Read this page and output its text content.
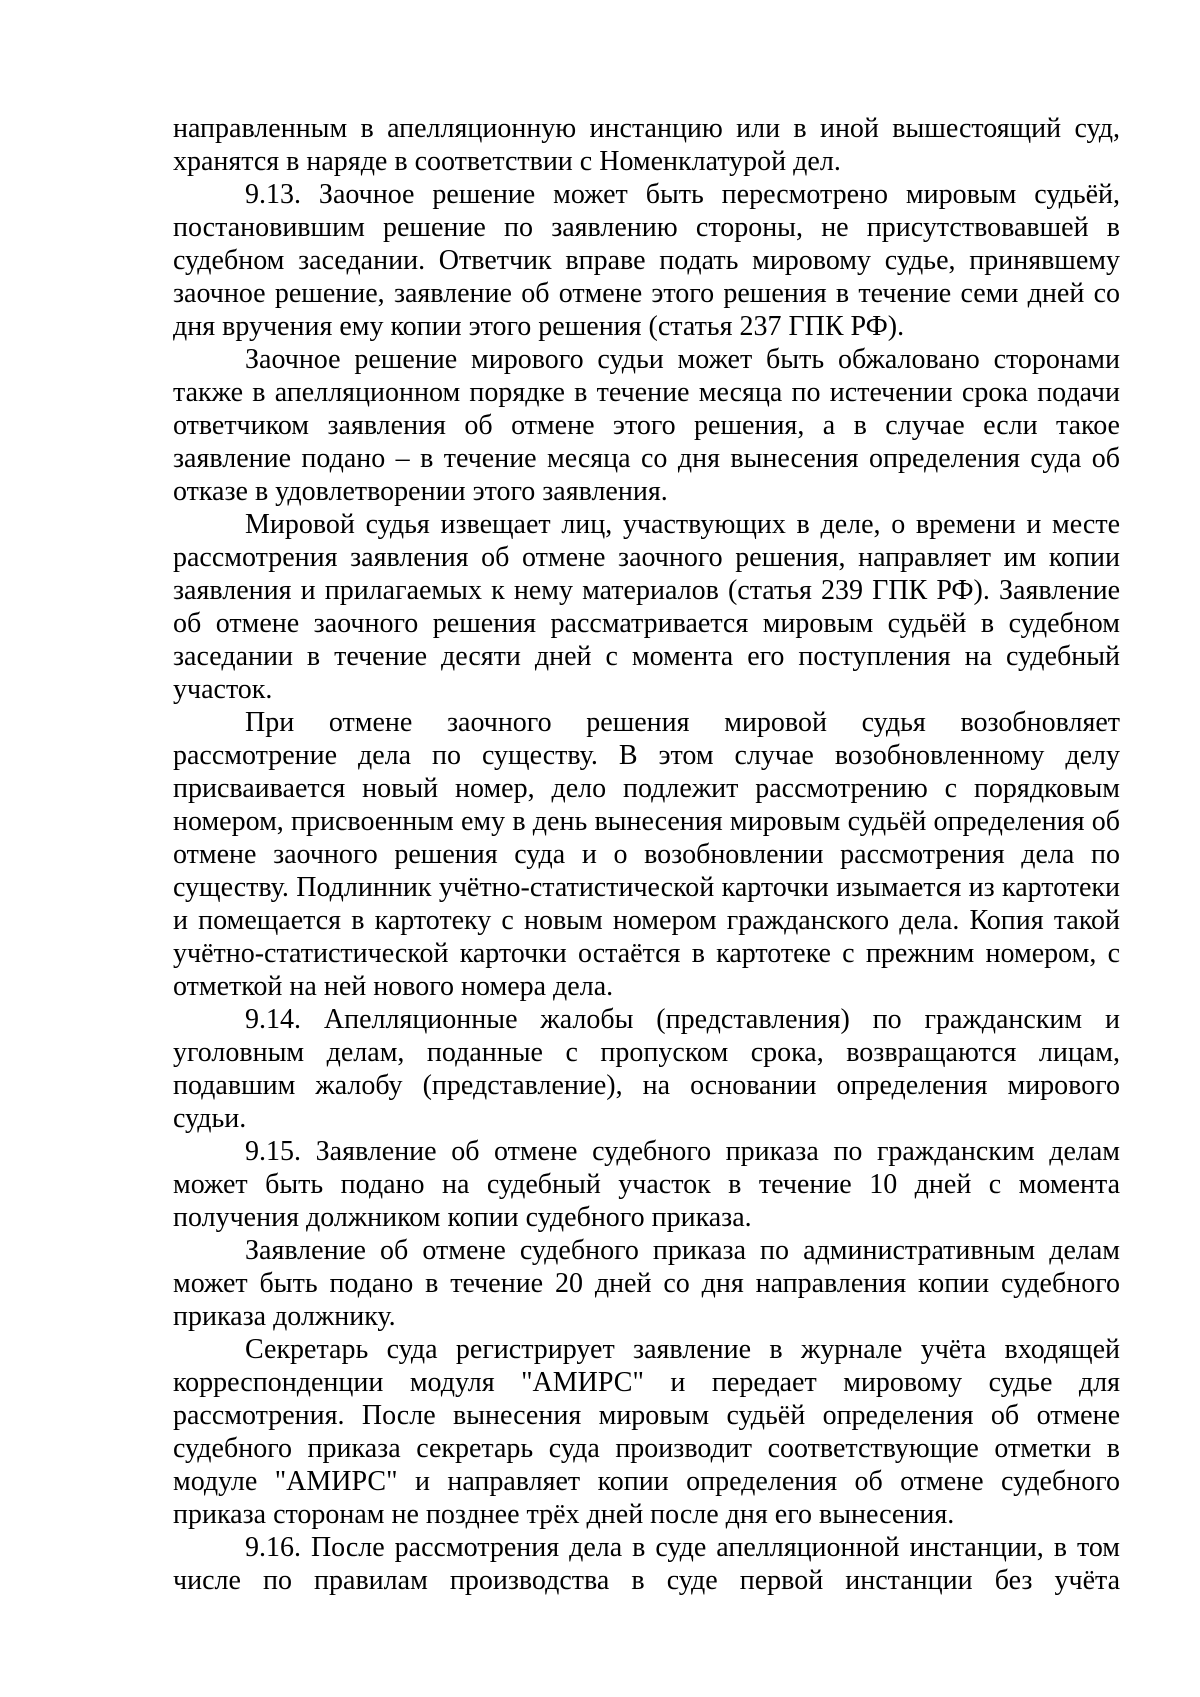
направленным в апелляционную инстанцию или в иной вышестоящий суд, хранятся в наряде в соответствии с Номенклатурой дел.

9.13. Заочное решение может быть пересмотрено мировым судьёй, постановившим решение по заявлению стороны, не присутствовавшей в судебном заседании. Ответчик вправе подать мировому судье, принявшему заочное решение, заявление об отмене этого решения в течение семи дней со дня вручения ему копии этого решения (статья 237 ГПК РФ).

Заочное решение мирового судьи может быть обжаловано сторонами также в апелляционном порядке в течение месяца по истечении срока подачи ответчиком заявления об отмене этого решения, а в случае если такое заявление подано – в течение месяца со дня вынесения определения суда об отказе в удовлетворении этого заявления.

Мировой судья извещает лиц, участвующих в деле, о времени и месте рассмотрения заявления об отмене заочного решения, направляет им копии заявления и прилагаемых к нему материалов (статья 239 ГПК РФ). Заявление об отмене заочного решения рассматривается мировым судьёй в судебном заседании в течение десяти дней с момента его поступления на судебный участок.

При отмене заочного решения мировой судья возобновляет рассмотрение дела по существу. В этом случае возобновленному делу присваивается новый номер, дело подлежит рассмотрению с порядковым номером, присвоенным ему в день вынесения мировым судьёй определения об отмене заочного решения суда и о возобновлении рассмотрения дела по существу. Подлинник учётно-статистической карточки изымается из картотеки и помещается в картотеку с новым номером гражданского дела. Копия такой учётно-статистической карточки остаётся в картотеке с прежним номером, с отметкой на ней нового номера дела.

9.14. Апелляционные жалобы (представления) по гражданским и уголовным делам, поданные с пропуском срока, возвращаются лицам, подавшим жалобу (представление), на основании определения мирового судьи.

9.15. Заявление об отмене судебного приказа по гражданским делам может быть подано на судебный участок в течение 10 дней с момента получения должником копии судебного приказа.

Заявление об отмене судебного приказа по административным делам может быть подано в течение 20 дней со дня направления копии судебного приказа должнику.

Секретарь суда регистрирует заявление в журнале учёта входящей корреспонденции модуля "АМИРС" и передает мировому судье для рассмотрения. После вынесения мировым судьёй определения об отмене судебного приказа секретарь суда производит соответствующие отметки в модуле "АМИРС" и направляет копии определения об отмене судебного приказа сторонам не позднее трёх дней после дня его вынесения.

9.16. После рассмотрения дела в суде апелляционной инстанции, в том числе по правилам производства в суде первой инстанции без учёта
